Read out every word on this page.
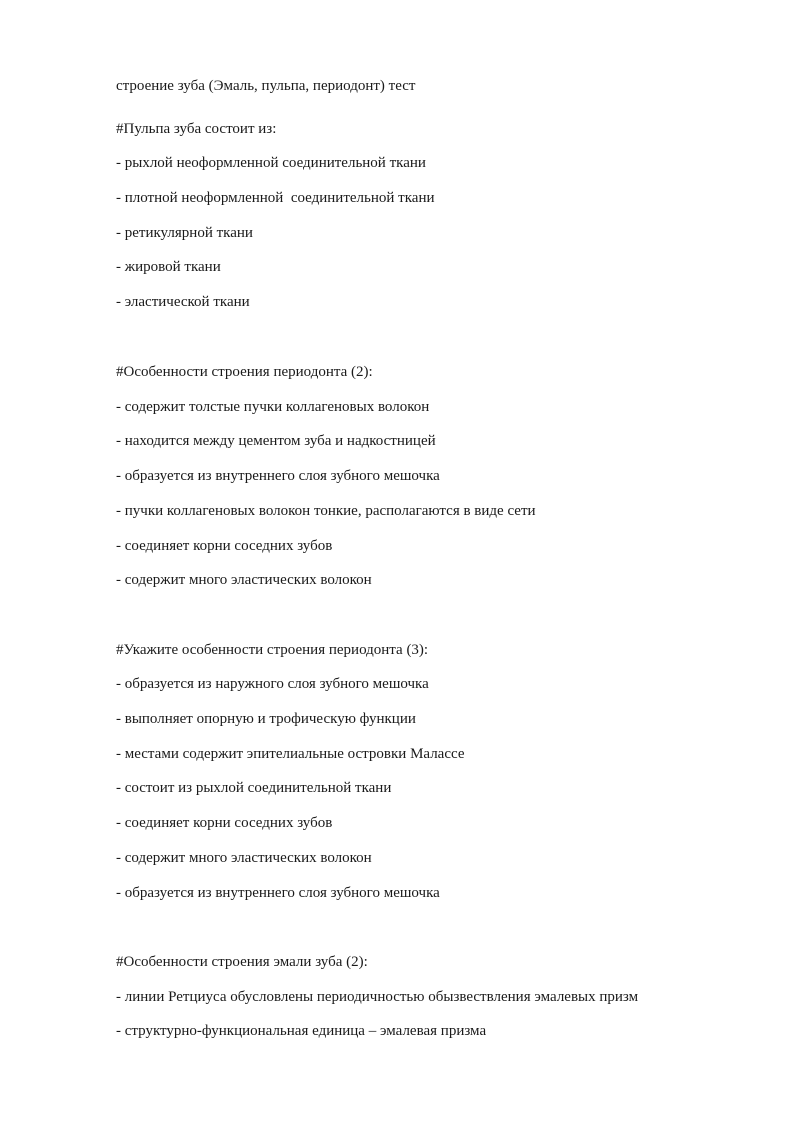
строение зуба (Эмаль, пульпа, периодонт) тест
#Пульпа зуба состоит из:
- рыхлой неоформленной соединительной ткани
- плотной неоформленной  соединительной ткани
- ретикулярной ткани
- жировой ткани
- эластической ткани
#Особенности строения периодонта (2):
- содержит толстые пучки коллагеновых волокон
- находится между цементом зуба и надкостницей
- образуется из внутреннего слоя зубного мешочка
- пучки коллагеновых волокон тонкие, располагаются в виде сети
- соединяет корни соседних зубов
- содержит много эластических волокон
#Укажите особенности строения периодонта (3):
- образуется из наружного слоя зубного мешочка
- выполняет опорную и трофическую функции
- местами содержит эпителиальные островки Малассе
- состоит из рыхлой соединительной ткани
- соединяет корни соседних зубов
- содержит много эластических волокон
- образуется из внутреннего слоя зубного мешочка
#Особенности строения эмали зуба (2):
- линии Ретциуса обусловлены периодичностью обызвествления эмалевых призм
- структурно-функциональная единица – эмалевая призма
